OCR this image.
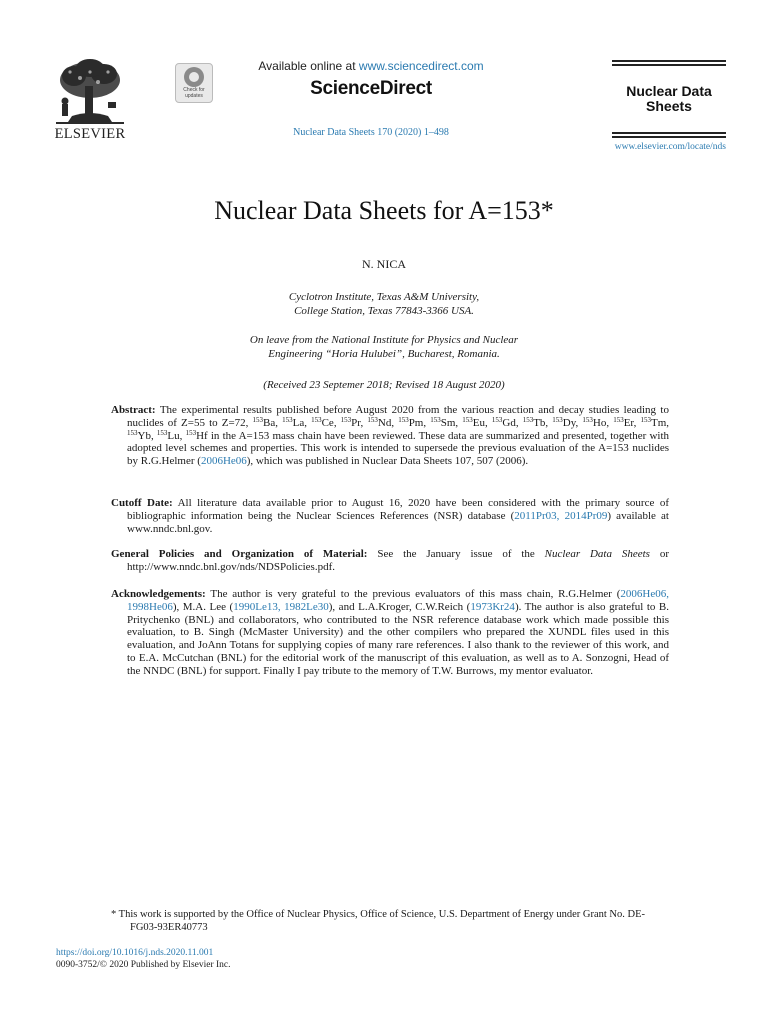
ELSEVIER
Check for updates
Available online at www.sciencedirect.com
ScienceDirect
Nuclear Data Sheets 170 (2020) 1–498
Nuclear Data
Sheets
www.elsevier.com/locate/nds
Nuclear Data Sheets for A=153*
N. NICA
Cyclotron Institute, Texas A&M University,
College Station, Texas 77843-3366 USA.
On leave from the National Institute for Physics and Nuclear
Engineering “Horia Hulubei”, Bucharest, Romania.
(Received 23 Septemer 2018; Revised 18 August 2020)
Abstract: The experimental results published before August 2020 from the various reaction and decay studies leading to nuclides of Z=55 to Z=72, $^{153}$Ba, $^{153}$La, $^{153}$Ce, $^{153}$Pr, $^{153}$Nd, $^{153}$Pm, $^{153}$Sm, $^{153}$Eu, $^{153}$Gd, $^{153}$Tb, $^{153}$Dy, $^{153}$Ho, $^{153}$Er, $^{153}$Tm, $^{153}$Yb, $^{153}$Lu, $^{153}$Hf in the A=153 mass chain have been reviewed. These data are summarized and presented, together with adopted level schemes and properties. This work is intended to supersede the previous evaluation of the A=153 nuclides by R.G.Helmer (2006He06), which was published in Nuclear Data Sheets 107, 507 (2006).
Cutoff Date: All literature data available prior to August 16, 2020 have been considered with the primary source of bibliographic information being the Nuclear Sciences References (NSR) database (2011Pr03, 2014Pr09) available at www.nndc.bnl.gov.
General Policies and Organization of Material: See the January issue of the Nuclear Data Sheets or http://www.nndc.bnl.gov/nds/NDSPolicies.pdf.
Acknowledgements: The author is very grateful to the previous evaluators of this mass chain, R.G.Helmer (2006He06, 1998He06), M.A. Lee (1990Le13, 1982Le30), and L.A.Kroger, C.W.Reich (1973Kr24). The author is also grateful to B. Pritychenko (BNL) and collaborators, who contributed to the NSR reference database work which made possible this evaluation, to B. Singh (McMaster University) and the other compilers who prepared the XUNDL files used in this evaluation, and JoAnn Totans for supplying copies of many rare references. I also thank to the reviewer of this work, and to E.A. McCutchan (BNL) for the editorial work of the manuscript of this evaluation, as well as to A. Sonzogni, Head of the NNDC (BNL) for support. Finally I pay tribute to the memory of T.W. Burrows, my mentor evaluator.
* This work is supported by the Office of Nuclear Physics, Office of Science, U.S. Department of Energy under Grant No. DE-FG03-93ER40773
https://doi.org/10.1016/j.nds.2020.11.001
0090-3752/© 2020 Published by Elsevier Inc.
